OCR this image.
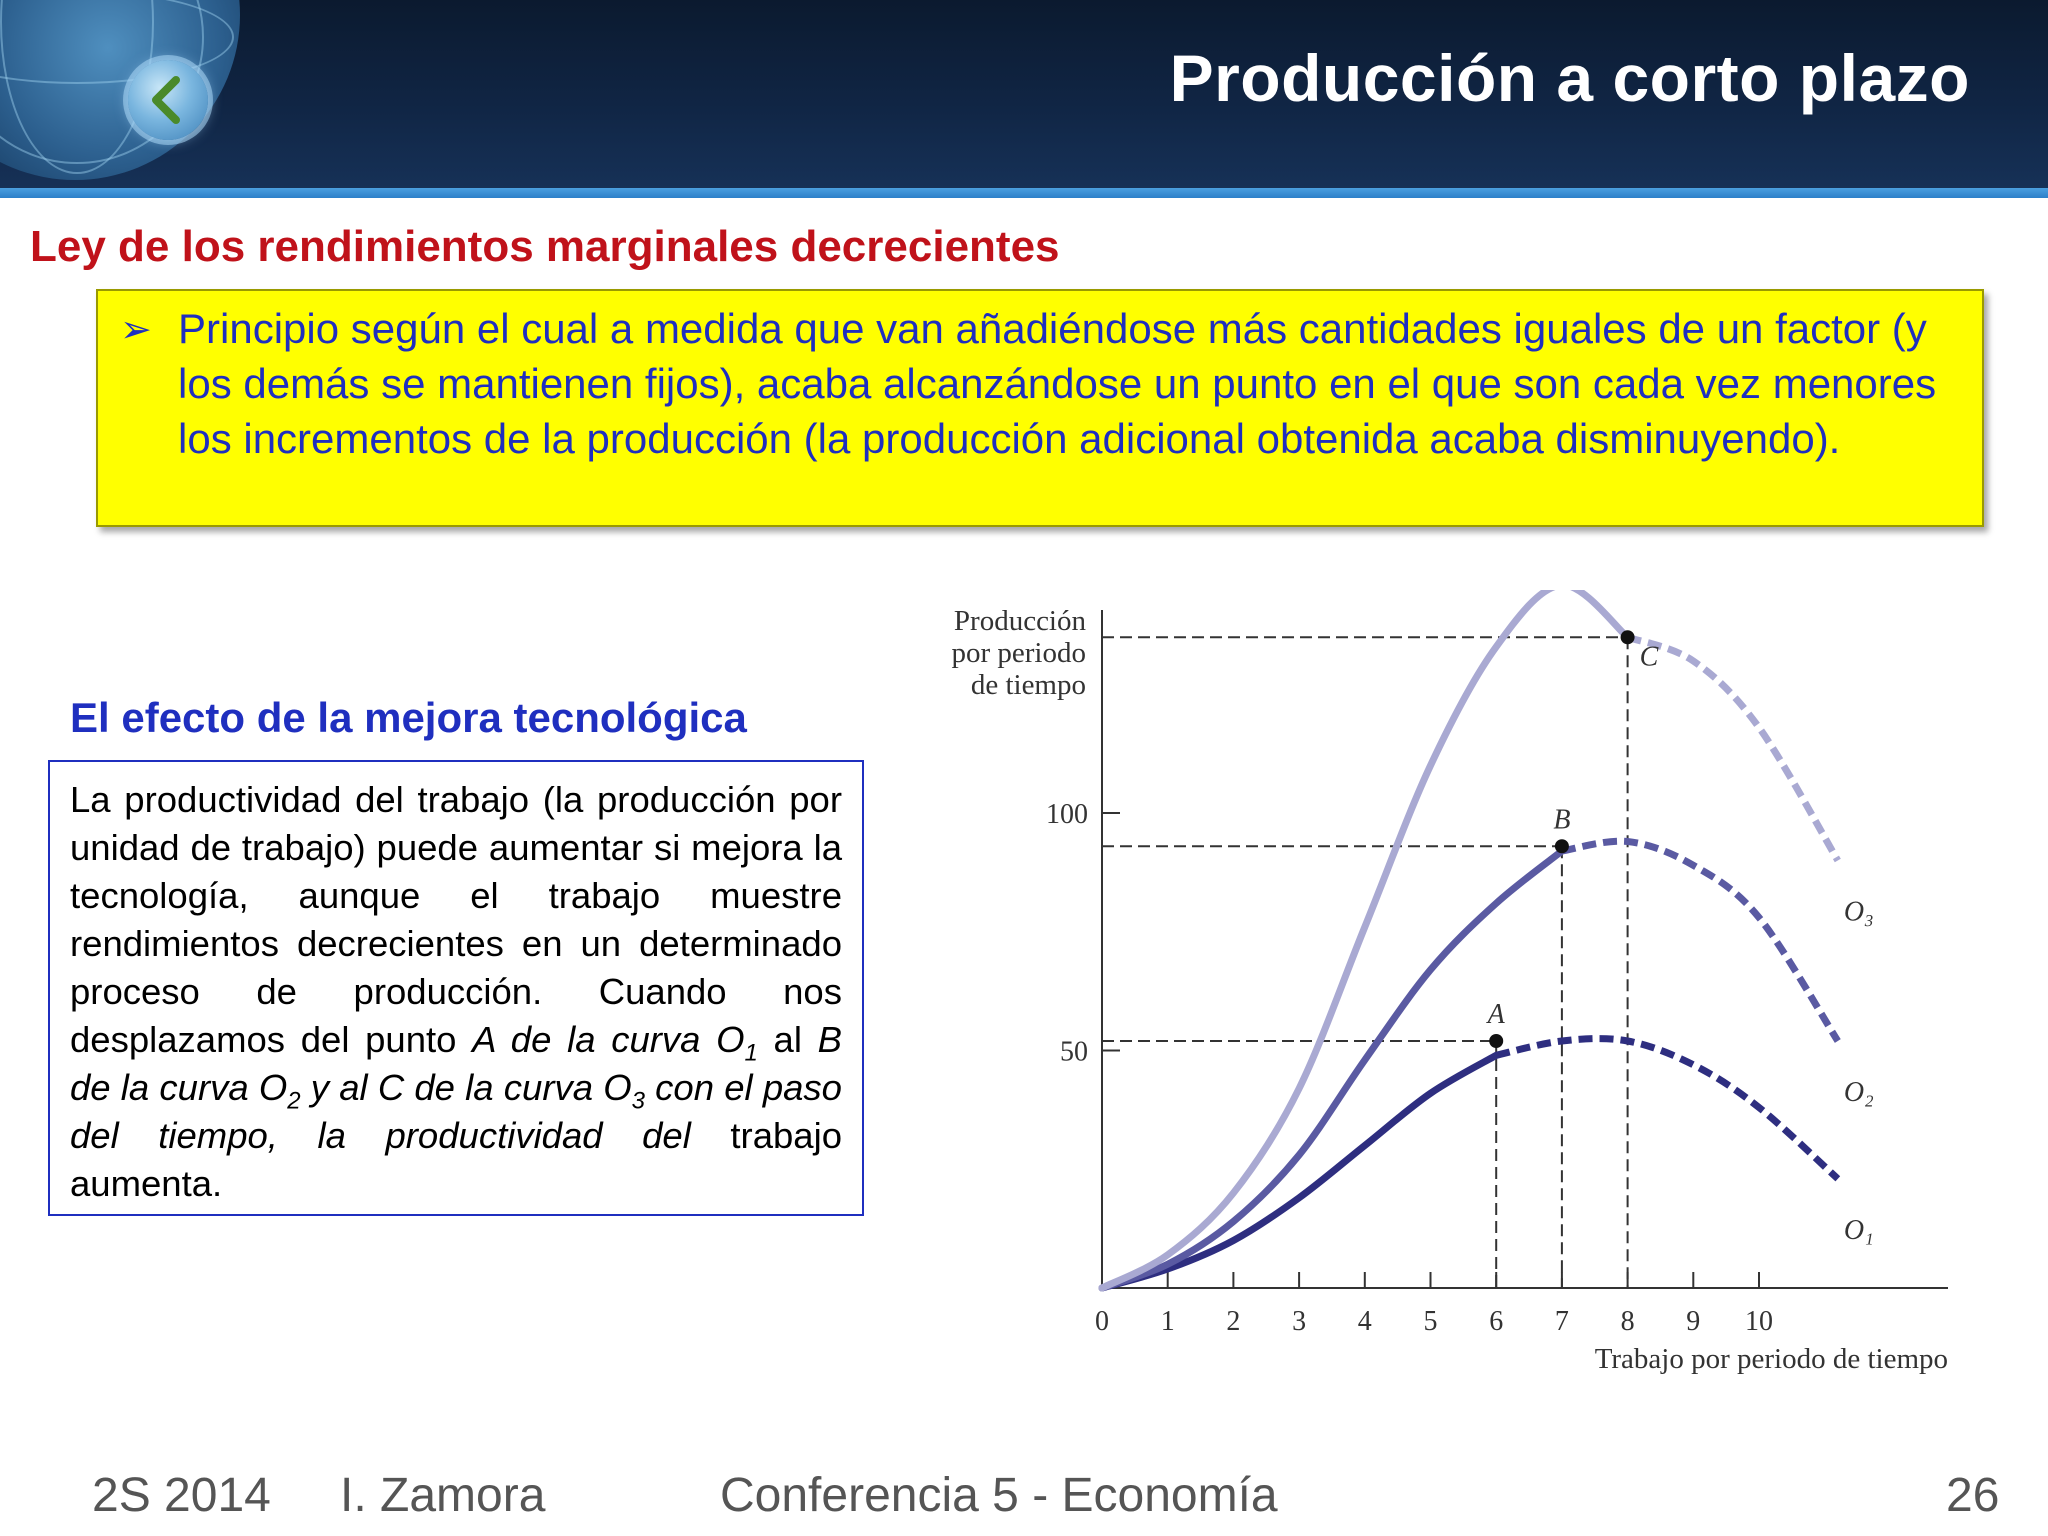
Producción a corto plazo
Ley de los rendimientos marginales decrecientes
➢ Principio según el cual a medida que van añadiéndose más cantidades iguales de un factor (y los demás se mantienen fijos), acaba alcanzándose un punto en el que son cada vez menores los incrementos de la producción (la producción adicional obtenida acaba disminuyendo).
El efecto de la mejora tecnológica

La productividad del trabajo (la producción por unidad de trabajo) puede aumentar si mejora la tecnología, aunque el trabajo muestre rendimientos decrecientes en un determinado proceso de producción. Cuando nos desplazamos del punto A de la curva $O_1$ al B de la curva $O_2$ y al C de la curva $O_3$ con el paso del tiempo, la productividad del trabajo aumenta.

0 1 2 3 4 5 6 7 8 9 10
50
100
Producción
por periodo
de tiempo
Trabajo por periodo de tiempo
O₁
O₂
O₃
A
B
C

2S 2014 I. Zamora	Conferencia 5 - Economía	26
